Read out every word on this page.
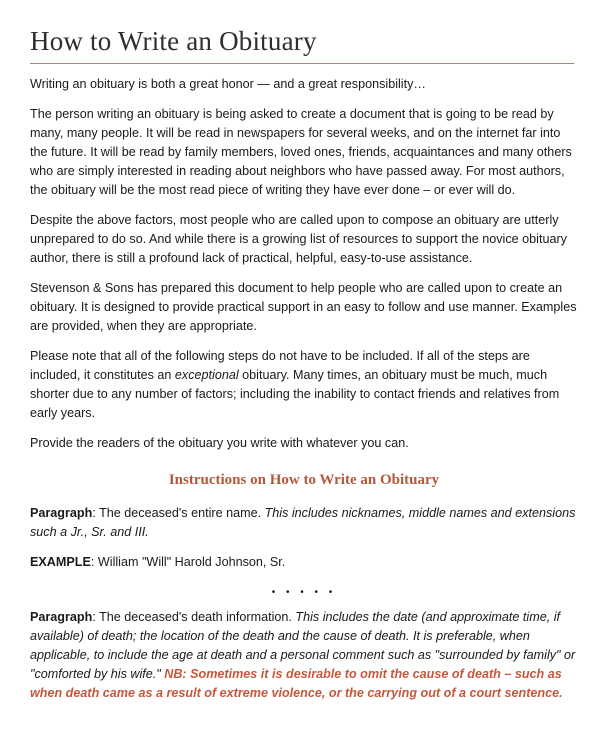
How to Write an Obituary

Writing an obituary is both a great honor — and a great responsibility…

The person writing an obituary is being asked to create a document that is going to be read by many, many people. It will be read in newspapers for several weeks, and on the internet far into the future. It will be read by family members, loved ones, friends, acquaintances and many others who are simply interested in reading about neighbors who have passed away. For most authors, the obituary will be the most read piece of writing they have ever done – or ever will do.

Despite the above factors, most people who are called upon to compose an obituary are utterly unprepared to do so. And while there is a growing list of resources to support the novice obituary author, there is still a profound lack of practical, helpful, easy-to-use assistance.

Stevenson & Sons has prepared this document to help people who are called upon to create an obituary. It is designed to provide practical support in an easy to follow and use manner. Examples are provided, when they are appropriate.

Please note that all of the following steps do not have to be included. If all of the steps are included, it constitutes an exceptional obituary. Many times, an obituary must be much, much shorter due to any number of factors; including the inability to contact friends and relatives from early years.

Provide the readers of the obituary you write with whatever you can.

Instructions on How to Write an Obituary

Paragraph: The deceased's entire name. This includes nicknames, middle names and extensions such a Jr., Sr. and III.

EXAMPLE: William "Will" Harold Johnson, Sr.

• • • • •

Paragraph: The deceased's death information. This includes the date (and approximate time, if available) of death; the location of the death and the cause of death. It is preferable, when applicable, to include the age at death and a personal comment such as "surrounded by family" or "comforted by his wife." NB: Sometimes it is desirable to omit the cause of death – such as when death came as a result of extreme violence, or the carrying out of a court sentence.
